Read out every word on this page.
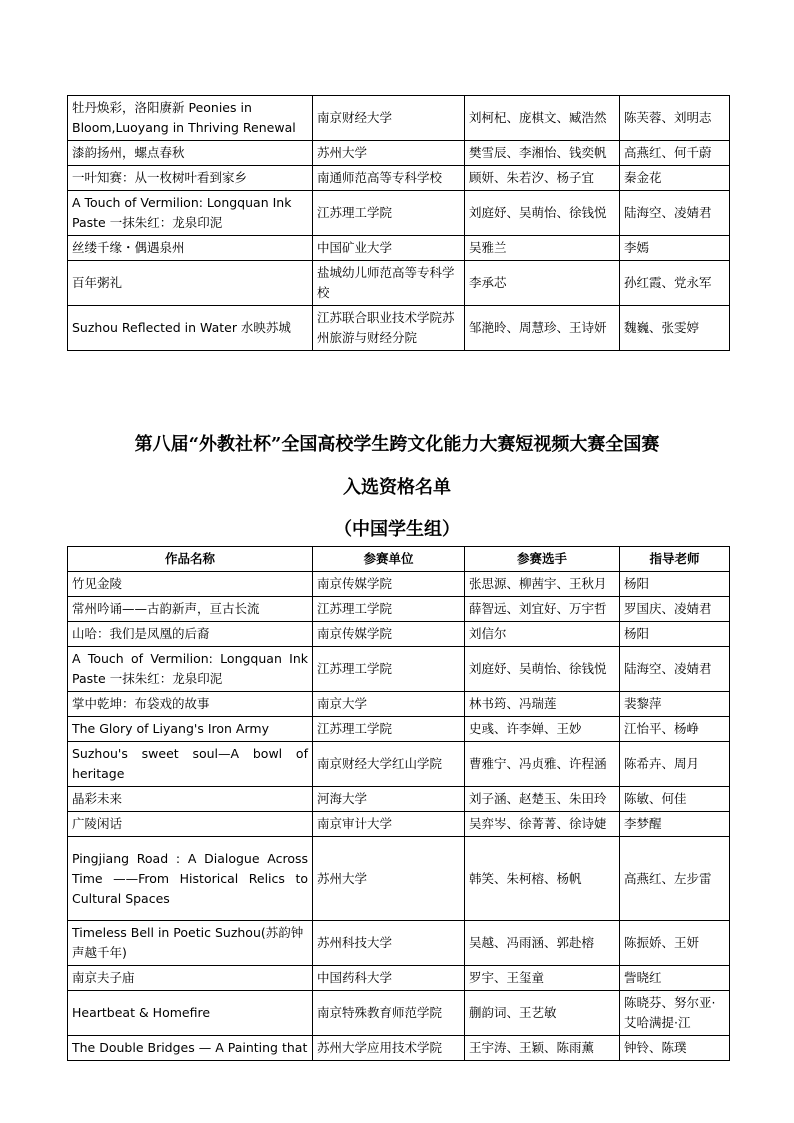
牡丹焕彩，洛阳赓新 Peonies in Bloom,Luoyang in Thriving Renewal	南京财经大学	刘柯杞、庞棋文、臧浩然	陈芙蓉、刘明志
漆韵扬州，螺点春秋	苏州大学	樊雪辰、李湘怡、钱奕帆	高燕红、何千蔚
一叶知赛：从一枚树叶看到家乡	南通师范高等专科学校	顾妍、朱若汐、杨子宜	秦金花
A Touch of Vermilion: Longquan Ink Paste 一抹朱红：龙泉印泥	江苏理工学院	刘庭妤、吴萌怡、徐钱悦	陆海空、凌婧君
丝缕千缘・偶遇泉州	中国矿业大学	吴雅兰	李嫣
百年粥礼	盐城幼儿师范高等专科学校	李承芯	孙红霞、党永军
Suzhou Reflected in Water 水映苏城	江苏联合职业技术学院苏州旅游与财经分院	邹滟昤、周慧珍、王诗妍	魏巍、张雯婷
第八届“外教社杯”全国高校学生跨文化能力大赛短视频大赛全国赛
入选资格名单
（中国学生组）
作品名称	参赛单位	参赛选手	指导老师
竹见金陵	南京传媒学院	张思源、柳茜宇、王秋月	杨阳
常州吟诵——古韵新声，亘古长流	江苏理工学院	薛智远、刘宜好、万宇哲	罗国庆、凌婧君
山哈：我们是凤凰的后裔	南京传媒学院	刘信尔	杨阳
A Touch of Vermilion: Longquan Ink Paste 一抹朱红：龙泉印泥	江苏理工学院	刘庭妤、吴萌怡、徐钱悦	陆海空、凌婧君
掌中乾坤：布袋戏的故事	南京大学	林书筠、冯瑞莲	裴黎萍
The Glory of Liyang's Iron Army	江苏理工学院	史彧、许李婵、王妙	江怡平、杨峥
Suzhou's sweet soul—A bowl of heritage	南京财经大学红山学院	曹雅宁、冯贞雅、许程涵	陈希卉、周月
晶彩未来	河海大学	刘子涵、赵楚玉、朱田玲	陈敏、何佳
广陵闲话	南京审计大学	吴弈岑、徐菁菁、徐诗婕	李梦醒
Pingjiang Road : A Dialogue Across Time ——From Historical Relics to Cultural Spaces	苏州大学	韩笑、朱柯榕、杨帆	高燕红、左步雷
Timeless Bell in Poetic Suzhou(苏韵钟声越千年)	苏州科技大学	吴越、冯雨涵、郭赴榕	陈振娇、王妍
南京夫子庙	中国药科大学	罗宇、王玺童	訾晓红
Heartbeat & Homefire	南京特殊教育师范学院	蒯韵词、王艺敏	陈晓芬、努尔亚·艾哈满提·江
The Double Bridges — A Painting that	苏州大学应用技术学院	王宇涛、王颖、陈雨薰	钟铃、陈璞
